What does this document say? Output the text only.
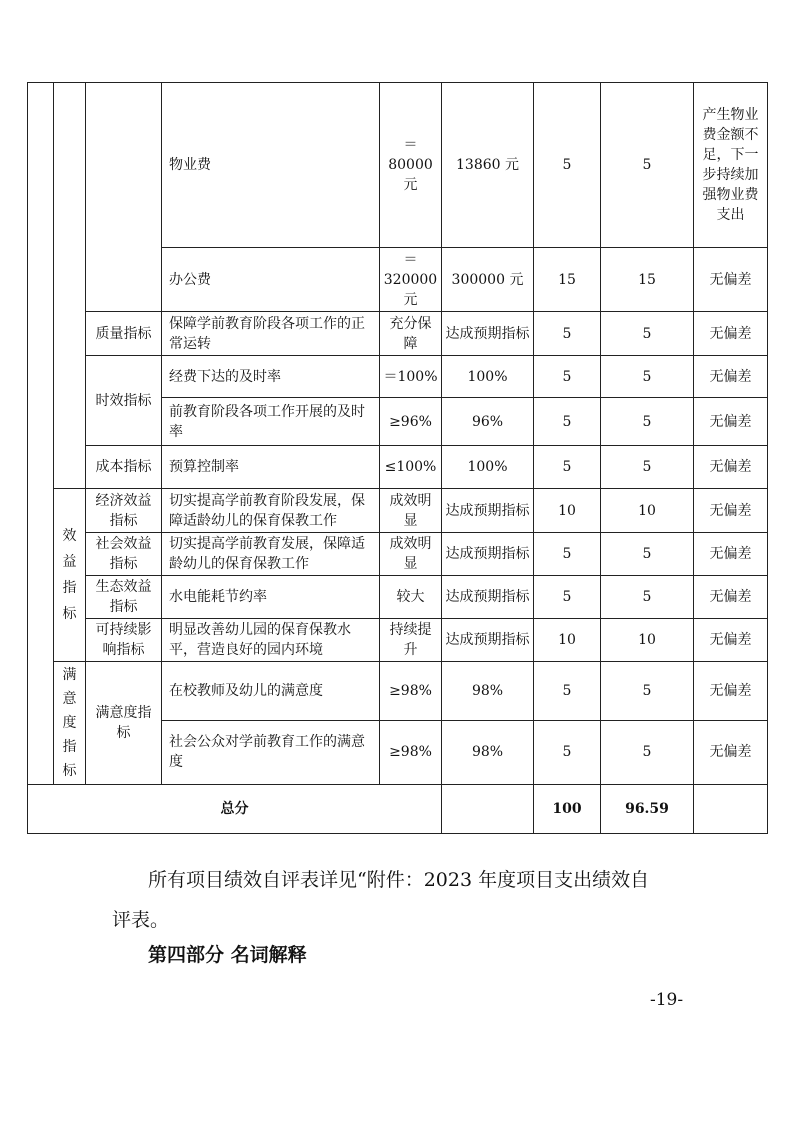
			物业费	＝80000元	13860 元	5	5	产生物业费金额不足，下一步持续加强物业费支出
			办公费	＝320000元	300000 元	15	15	无偏差
		质量指标	保障学前教育阶段各项工作的正常运转	充分保障	达成预期指标	5	5	无偏差
		时效指标	经费下达的及时率	＝100%	100%	5	5	无偏差
			前教育阶段各项工作开展的及时率	≥96%	96%	5	5	无偏差
		成本指标	预算控制率	≤100%	100%	5	5	无偏差
	效益指标	经济效益指标	切实提高学前教育阶段发展，保障适龄幼儿的保育保教工作	成效明显	达成预期指标	10	10	无偏差
		社会效益指标	切实提高学前教育发展，保障适龄幼儿的保育保教工作	成效明显	达成预期指标	5	5	无偏差
		生态效益指标	水电能耗节约率	较大	达成预期指标	5	5	无偏差
		可持续影响指标	明显改善幼儿园的保育保教水平，营造良好的园内环境	持续提升	达成预期指标	10	10	无偏差
	满意度指标	满意度指标	在校教师及幼儿的满意度	≥98%	98%	5	5	无偏差
			社会公众对学前教育工作的满意度	≥98%	98%	5	5	无偏差
总分						100	96.59	
所有项目绩效自评表详见“附件：2023 年度项目支出绩效自
评表。
第四部分 名词解释
-19-
